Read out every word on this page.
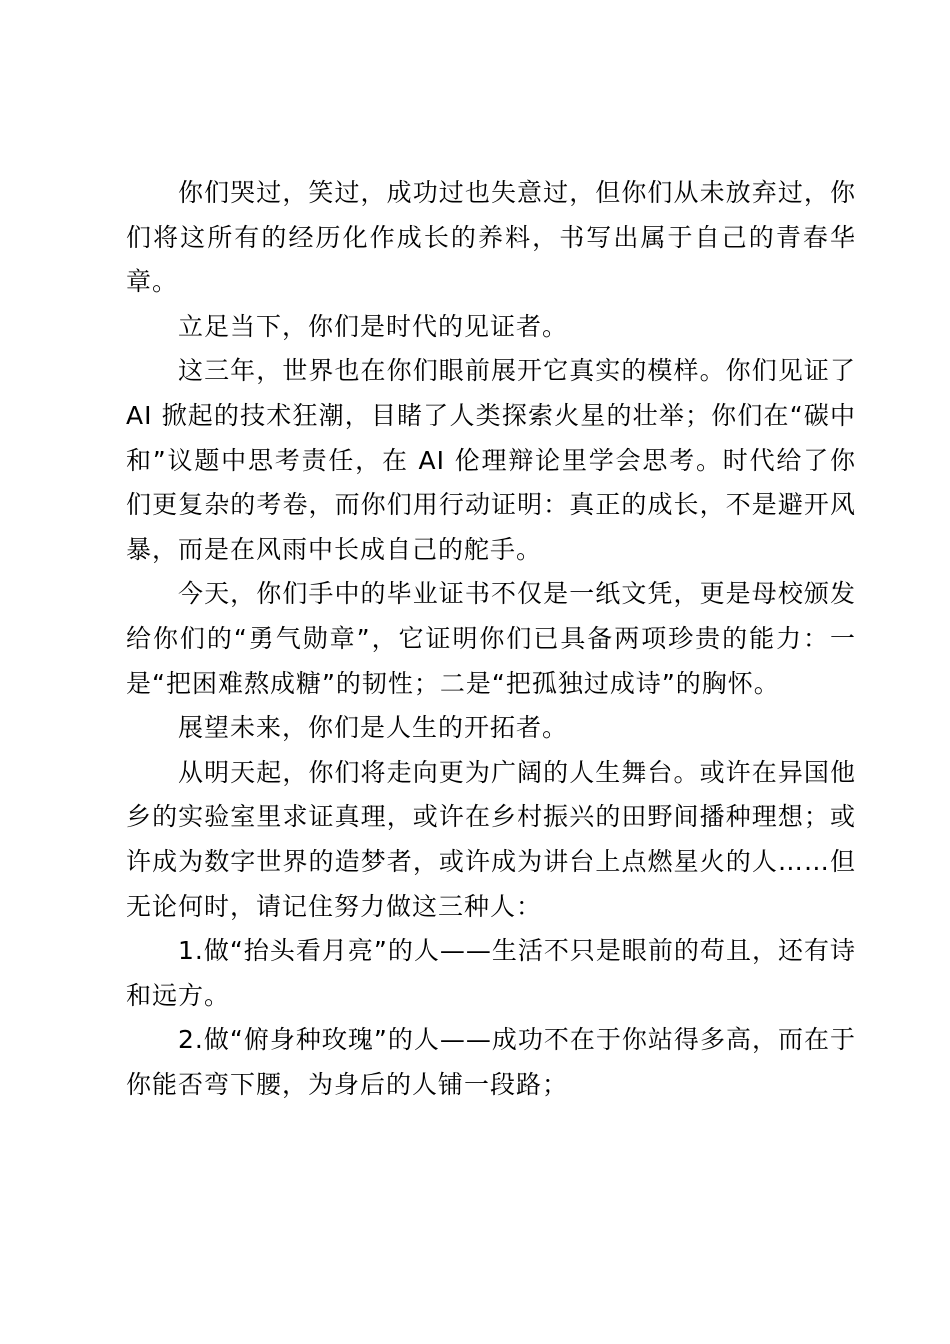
你们哭过，笑过，成功过也失意过，但你们从未放弃过，你们将这所有的经历化作成长的养料，书写出属于自己的青春华章。

立足当下，你们是时代的见证者。

这三年，世界也在你们眼前展开它真实的模样。你们见证了 AI 掀起的技术狂潮，目睹了人类探索火星的壮举；你们在“碳中和”议题中思考责任，在 AI 伦理辩论里学会思考。时代给了你们更复杂的考卷，而你们用行动证明：真正的成长，不是避开风暴，而是在风雨中长成自己的舵手。

今天，你们手中的毕业证书不仅是一纸文凭，更是母校颁发给你们的“勇气勋章”，它证明你们已具备两项珍贵的能力：一是“把困难熬成糖”的韧性；二是“把孤独过成诗”的胸怀。

展望未来，你们是人生的开拓者。

从明天起，你们将走向更为广阔的人生舞台。或许在异国他乡的实验室里求证真理，或许在乡村振兴的田野间播种理想；或许成为数字世界的造梦者，或许成为讲台上点燃星火的人……但无论何时，请记住努力做这三种人：

1.做“抬头看月亮”的人——生活不只是眼前的苟且，还有诗和远方。

2.做“俯身种玫瑰”的人——成功不在于你站得多高，而在于你能否弯下腰，为身后的人铺一段路；
